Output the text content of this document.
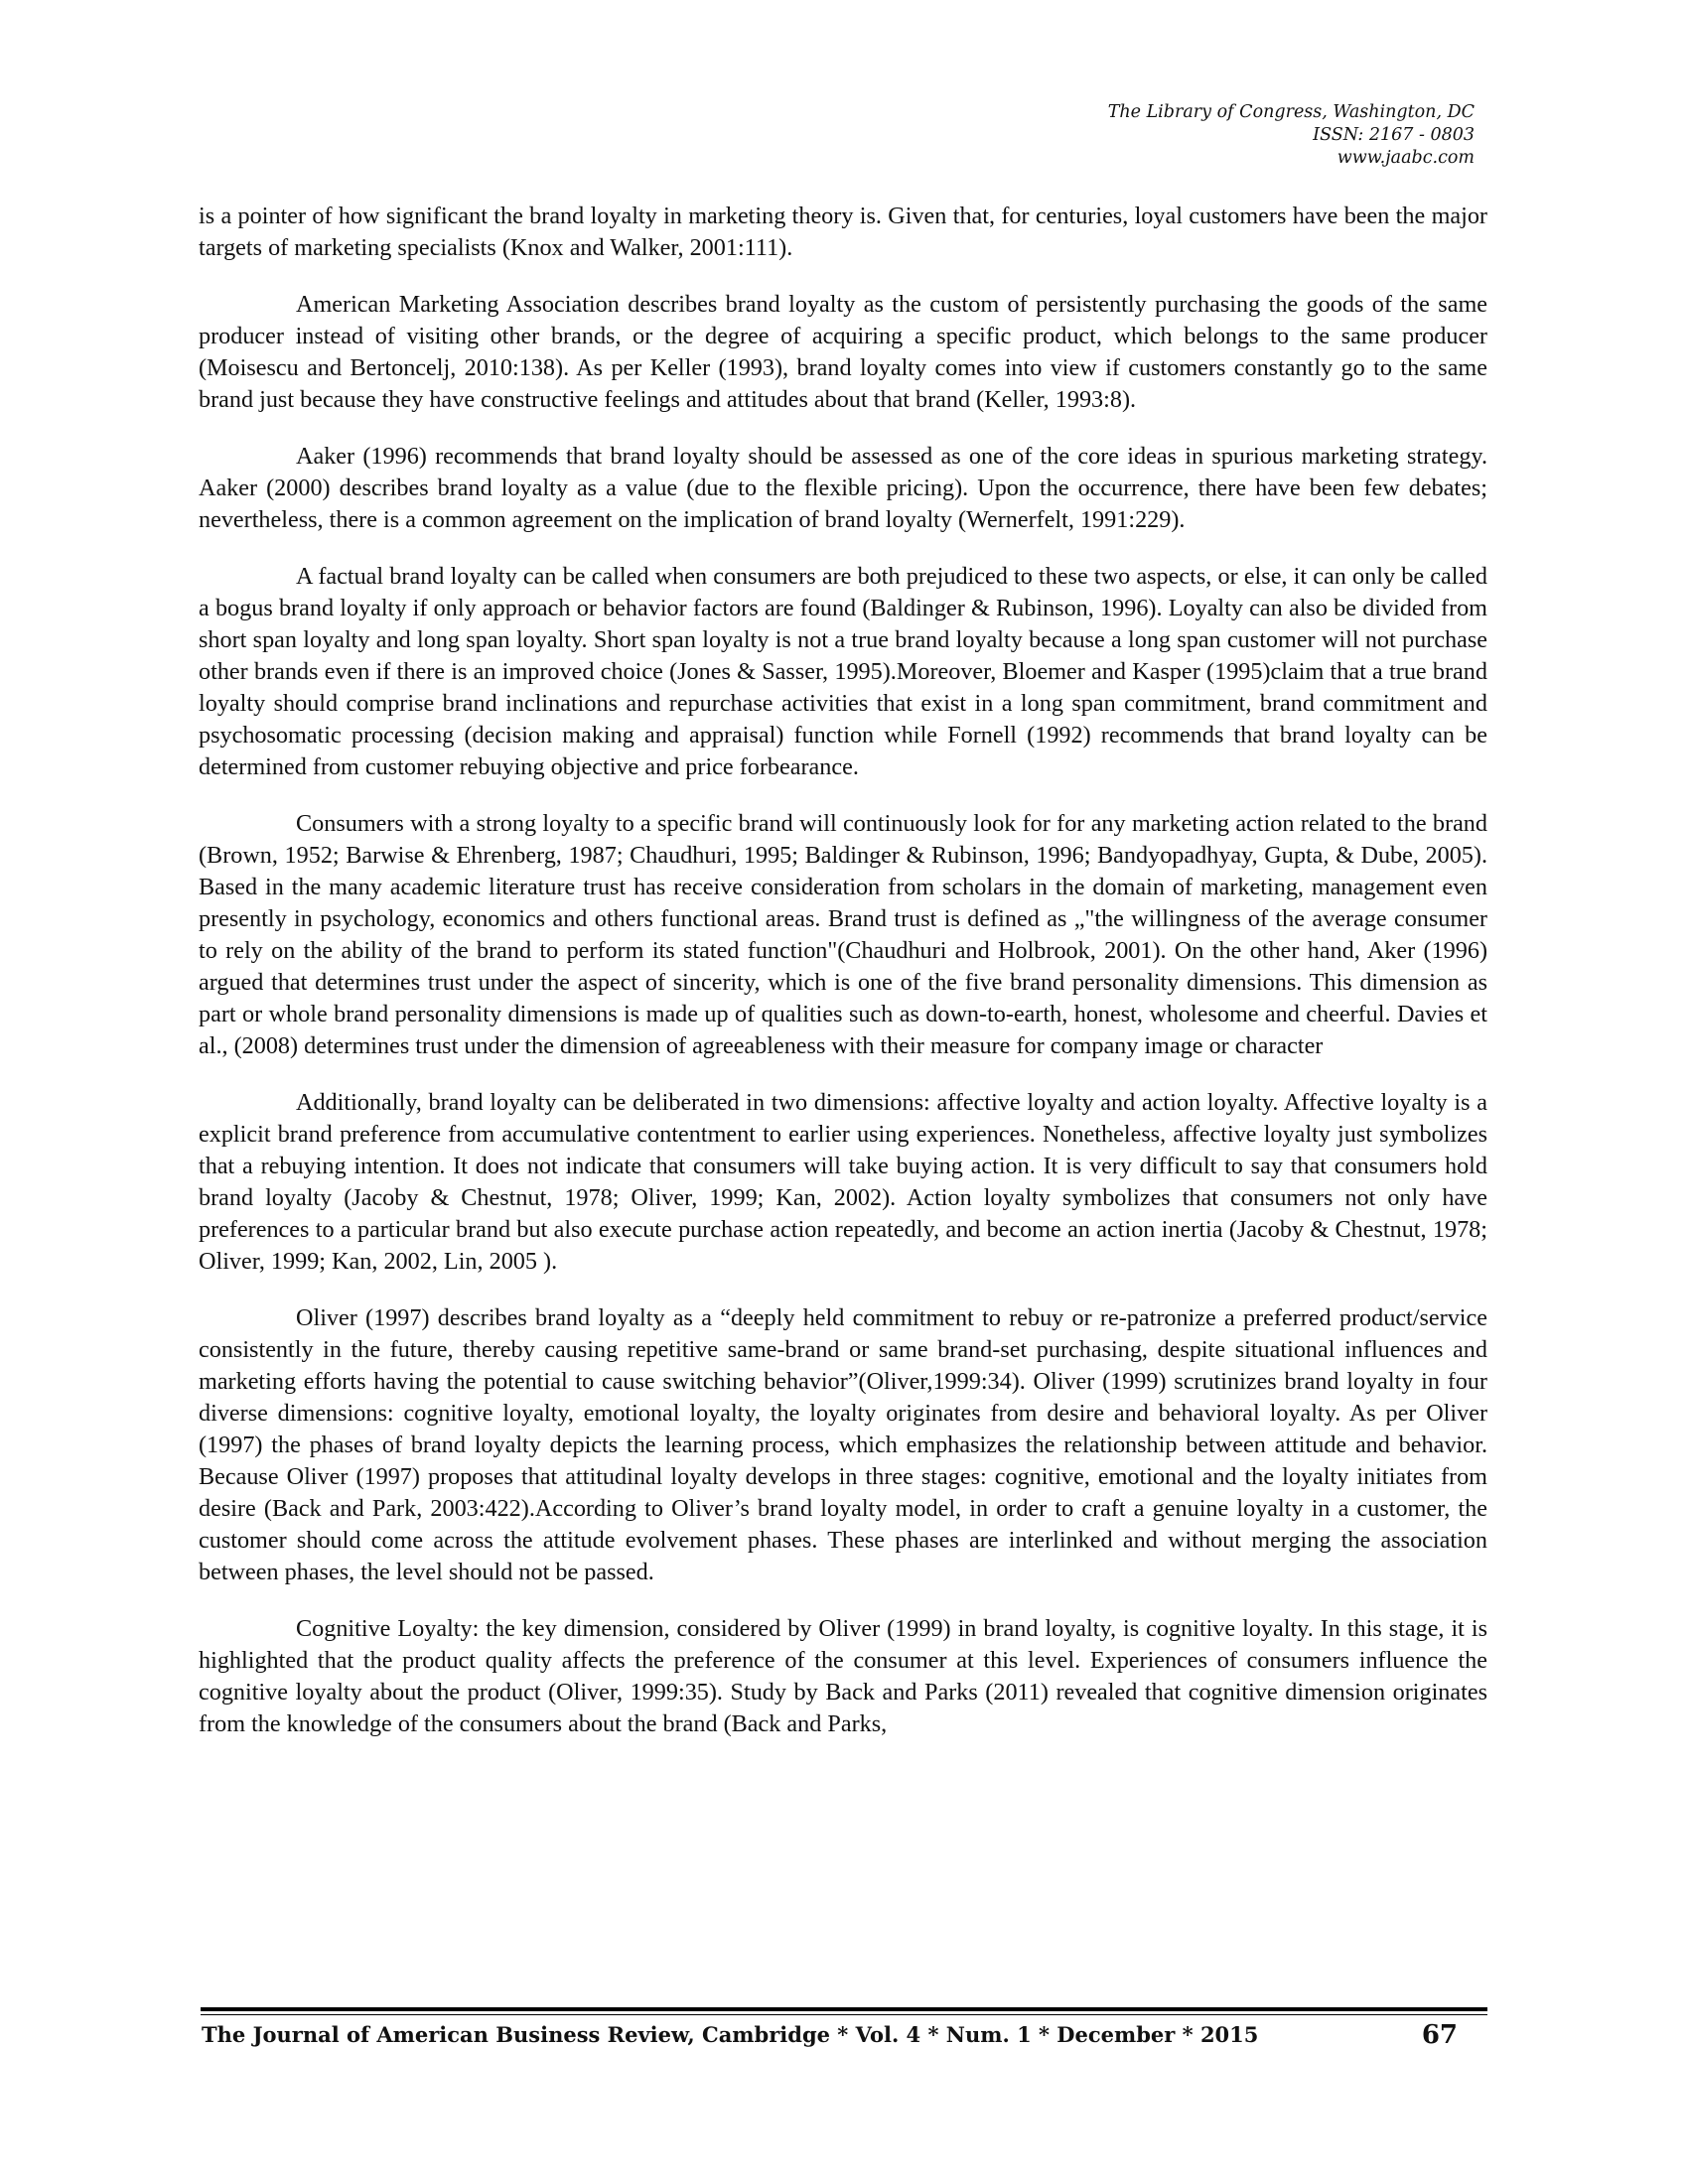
The Library of Congress, Washington, DC
ISSN: 2167 - 0803
www.jaabc.com

is a pointer of how significant the brand loyalty in marketing theory is. Given that, for centuries, loyal customers have been the major targets of marketing specialists (Knox and Walker, 2001:111).

American Marketing Association describes brand loyalty as the custom of persistently purchasing the goods of the same producer instead of visiting other brands, or the degree of acquiring a specific product, which belongs to the same producer (Moisescu and Bertoncelj, 2010:138). As per Keller (1993), brand loyalty comes into view if customers constantly go to the same brand just because they have constructive feelings and attitudes about that brand (Keller, 1993:8).

Aaker (1996) recommends that brand loyalty should be assessed as one of the core ideas in spurious marketing strategy. Aaker (2000) describes brand loyalty as a value (due to the flexible pricing). Upon the occurrence, there have been few debates; nevertheless, there is a common agreement on the implication of brand loyalty (Wernerfelt, 1991:229).

A factual brand loyalty can be called when consumers are both prejudiced to these two aspects, or else, it can only be called a bogus brand loyalty if only approach or behavior factors are found (Baldinger & Rubinson, 1996). Loyalty can also be divided from short span loyalty and long span loyalty. Short span loyalty is not a true brand loyalty because a long span customer will not purchase other brands even if there is an improved choice (Jones & Sasser, 1995).Moreover, Bloemer and Kasper (1995)claim that a true brand loyalty should comprise brand inclinations and repurchase activities that exist in a long span commitment, brand commitment and psychosomatic processing (decision making and appraisal) function while Fornell (1992) recommends that brand loyalty can be determined from customer rebuying objective and price forbearance.

Consumers with a strong loyalty to a specific brand will continuously look for for any marketing action related to the brand (Brown, 1952; Barwise & Ehrenberg, 1987; Chaudhuri, 1995; Baldinger & Rubinson, 1996; Bandyopadhyay, Gupta, & Dube, 2005). Based in the many academic literature trust has receive consideration from scholars in the domain of marketing, management even presently in psychology, economics and others functional areas. Brand trust is defined as „"the willingness of the average consumer to rely on the ability of the brand to perform its stated function"(Chaudhuri and Holbrook, 2001). On the other hand, Aker (1996) argued that determines trust under the aspect of sincerity, which is one of the five brand personality dimensions. This dimension as part or whole brand personality dimensions is made up of qualities such as down-to-earth, honest, wholesome and cheerful. Davies et al., (2008) determines trust under the dimension of agreeableness with their measure for company image or character

Additionally, brand loyalty can be deliberated in two dimensions: affective loyalty and action loyalty. Affective loyalty is a explicit brand preference from accumulative contentment to earlier using experiences. Nonetheless, affective loyalty just symbolizes that a rebuying intention. It does not indicate that consumers will take buying action. It is very difficult to say that consumers hold brand loyalty (Jacoby & Chestnut, 1978; Oliver, 1999; Kan, 2002). Action loyalty symbolizes that consumers not only have preferences to a particular brand but also execute purchase action repeatedly, and become an action inertia (Jacoby & Chestnut, 1978; Oliver, 1999; Kan, 2002, Lin, 2005 ).

Oliver (1997) describes brand loyalty as a “deeply held commitment to rebuy or re-patronize a preferred product/service consistently in the future, thereby causing repetitive same-brand or same brand-set purchasing, despite situational influences and marketing efforts having the potential to cause switching behavior”(Oliver,1999:34). Oliver (1999) scrutinizes brand loyalty in four diverse dimensions: cognitive loyalty, emotional loyalty, the loyalty originates from desire and behavioral loyalty. As per Oliver (1997) the phases of brand loyalty depicts the learning process, which emphasizes the relationship between attitude and behavior. Because Oliver (1997) proposes that attitudinal loyalty develops in three stages: cognitive, emotional and the loyalty initiates from desire (Back and Park, 2003:422).According to Oliver’s brand loyalty model, in order to craft a genuine loyalty in a customer, the customer should come across the attitude evolvement phases. These phases are interlinked and without merging the association between phases, the level should not be passed.

Cognitive Loyalty: the key dimension, considered by Oliver (1999) in brand loyalty, is cognitive loyalty. In this stage, it is highlighted that the product quality affects the preference of the consumer at this level. Experiences of consumers influence the cognitive loyalty about the product (Oliver, 1999:35). Study by Back and Parks (2011) revealed that cognitive dimension originates from the knowledge of the consumers about the brand (Back and Parks,

The Journal of American Business Review, Cambridge * Vol. 4 * Num. 1 * December * 2015	67
